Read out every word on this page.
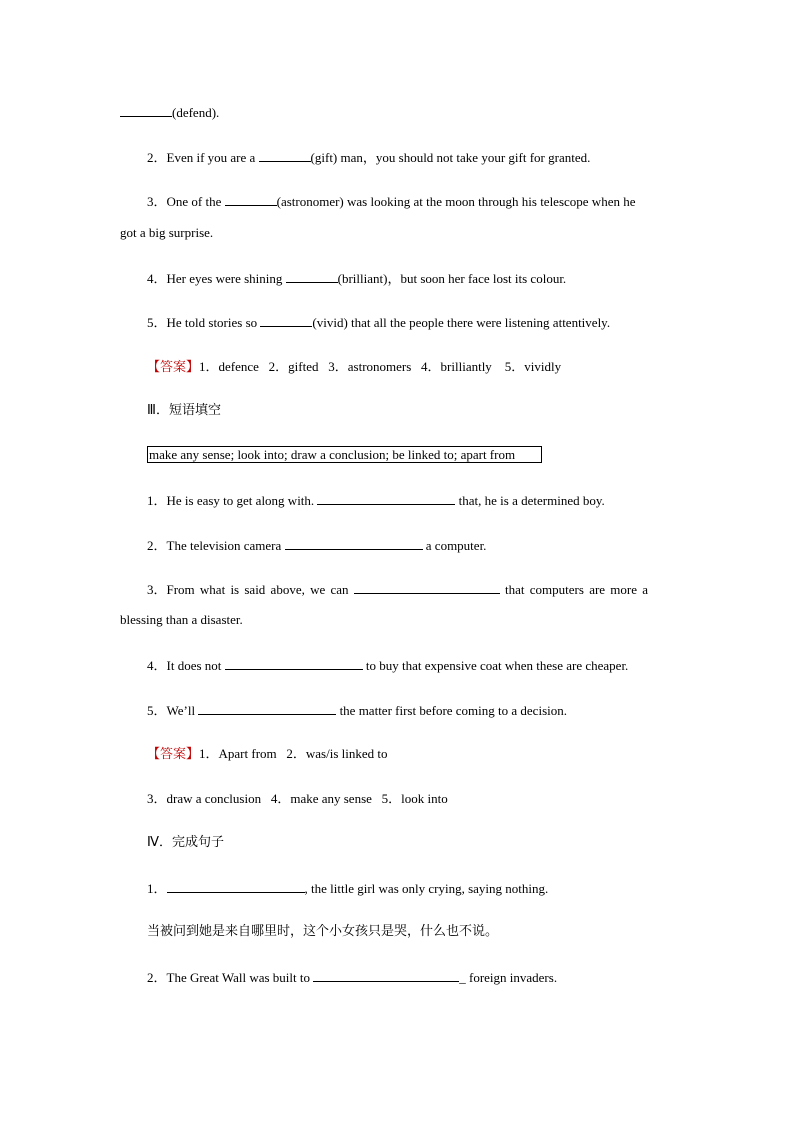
(defend).
2．Even if you are a	(gift) man，you should not take your gift for granted.
3．One of the	(astronomer) was looking at the moon through his telescope when he
got a big surprise.
4．Her eyes were shining	(brilliant)，but soon her face lost its colour.
5．He told stories so	(vivid) that all the people there were listening attentively.
【答案】1．defence   2．gifted   3．astronomers   4．brilliantly    5．vividly
Ⅲ．短语填空
make any sense; look into; draw a conclusion; be linked to; apart from
1．He is easy to get along with.	that, he is a determined boy.
2．The television camera	a computer.
3．From what is said above, we can	that computers are more a
blessing than a disaster.
4．It does not	to buy that expensive coat when these are cheaper.
5．We’ll	the matter first before coming to a decision.
【答案】1．Apart from   2．was/is linked to
3．draw a conclusion   4．make any sense   5．look into
Ⅳ．完成句子
1．	, the little girl was only crying, saying nothing.
当被问到她是来自哪里时，这个小女孩只是哭，什么也不说。
2．The Great Wall was built to	_ foreign invaders.
